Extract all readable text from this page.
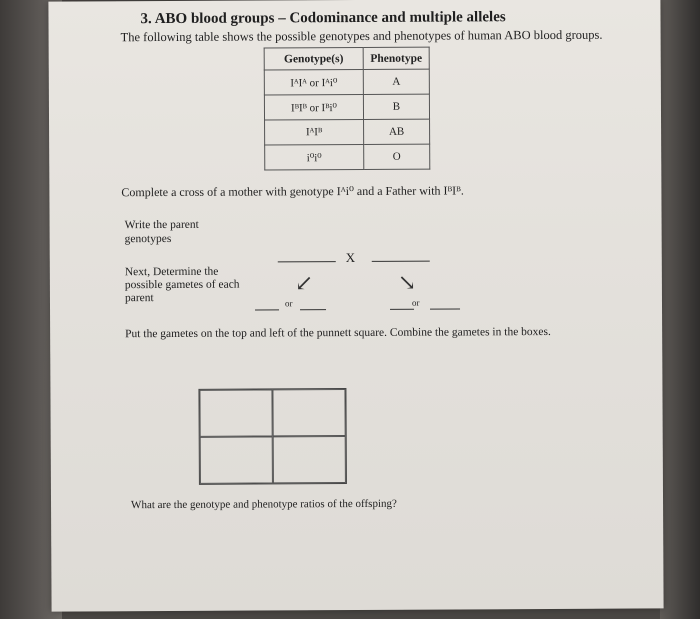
3. ABO blood groups – Codominance and multiple alleles
The following table shows the possible genotypes and phenotypes of human ABO blood groups.
Genotype(s)	Phenotype
IᴬIᴬ or Iᴬi⁰	A
IᴮIᴮ or Iᴮi⁰	B
IᴬIᴮ	AB
i⁰i⁰	O
Complete a cross of a mother with genotype Iᴬi⁰ and a Father with IᴮIᴮ.
Write the parent genotypes
X
Next, Determine the possible gametes of each parent
↙	↘
or	or
Put the gametes on the top and left of the punnett square. Combine the gametes in the boxes.
What are the genotype and phenotype ratios of the offsping?
